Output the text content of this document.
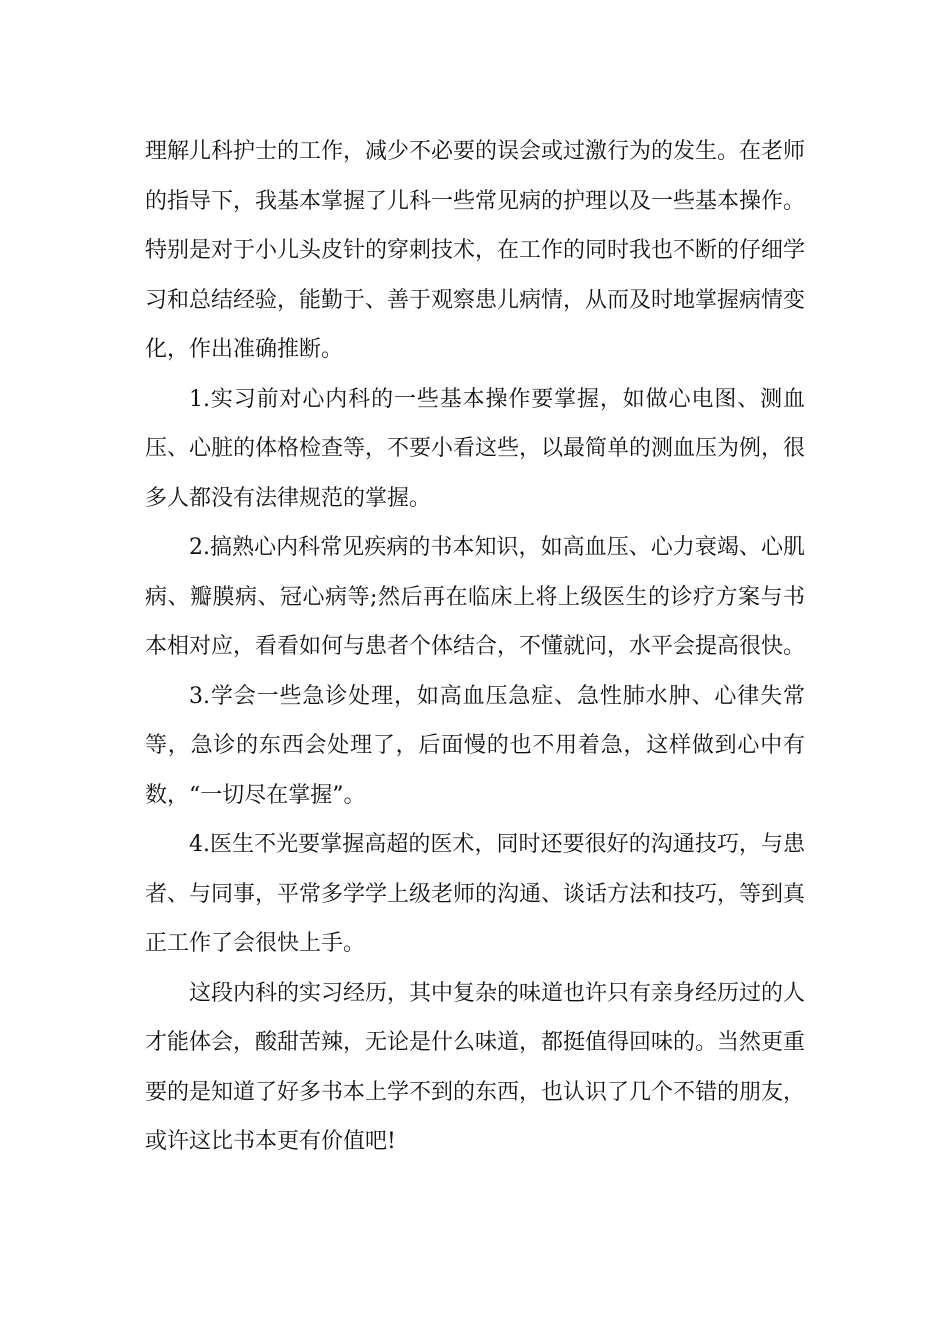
理解儿科护士的工作，减少不必要的误会或过激行为的发生。在老师的指导下，我基本掌握了儿科一些常见病的护理以及一些基本操作。特别是对于小儿头皮针的穿刺技术，在工作的同时我也不断的仔细学习和总结经验，能勤于、善于观察患儿病情，从而及时地掌握病情变化，作出准确推断。

1.实习前对心内科的一些基本操作要掌握，如做心电图、测血压、心脏的体格检查等，不要小看这些，以最简单的测血压为例，很多人都没有法律规范的掌握。

2.搞熟心内科常见疾病的书本知识，如高血压、心力衰竭、心肌病、瓣膜病、冠心病等;然后再在临床上将上级医生的诊疗方案与书本相对应，看看如何与患者个体结合，不懂就问，水平会提高很快。

3.学会一些急诊处理，如高血压急症、急性肺水肿、心律失常等，急诊的东西会处理了，后面慢的也不用着急，这样做到心中有数，“一切尽在掌握”。

4.医生不光要掌握高超的医术，同时还要很好的沟通技巧，与患者、与同事，平常多学学上级老师的沟通、谈话方法和技巧，等到真正工作了会很快上手。

这段内科的实习经历，其中复杂的味道也许只有亲身经历过的人才能体会，酸甜苦辣，无论是什么味道，都挺值得回味的。当然更重要的是知道了好多书本上学不到的东西，也认识了几个不错的朋友，或许这比书本更有价值吧!
